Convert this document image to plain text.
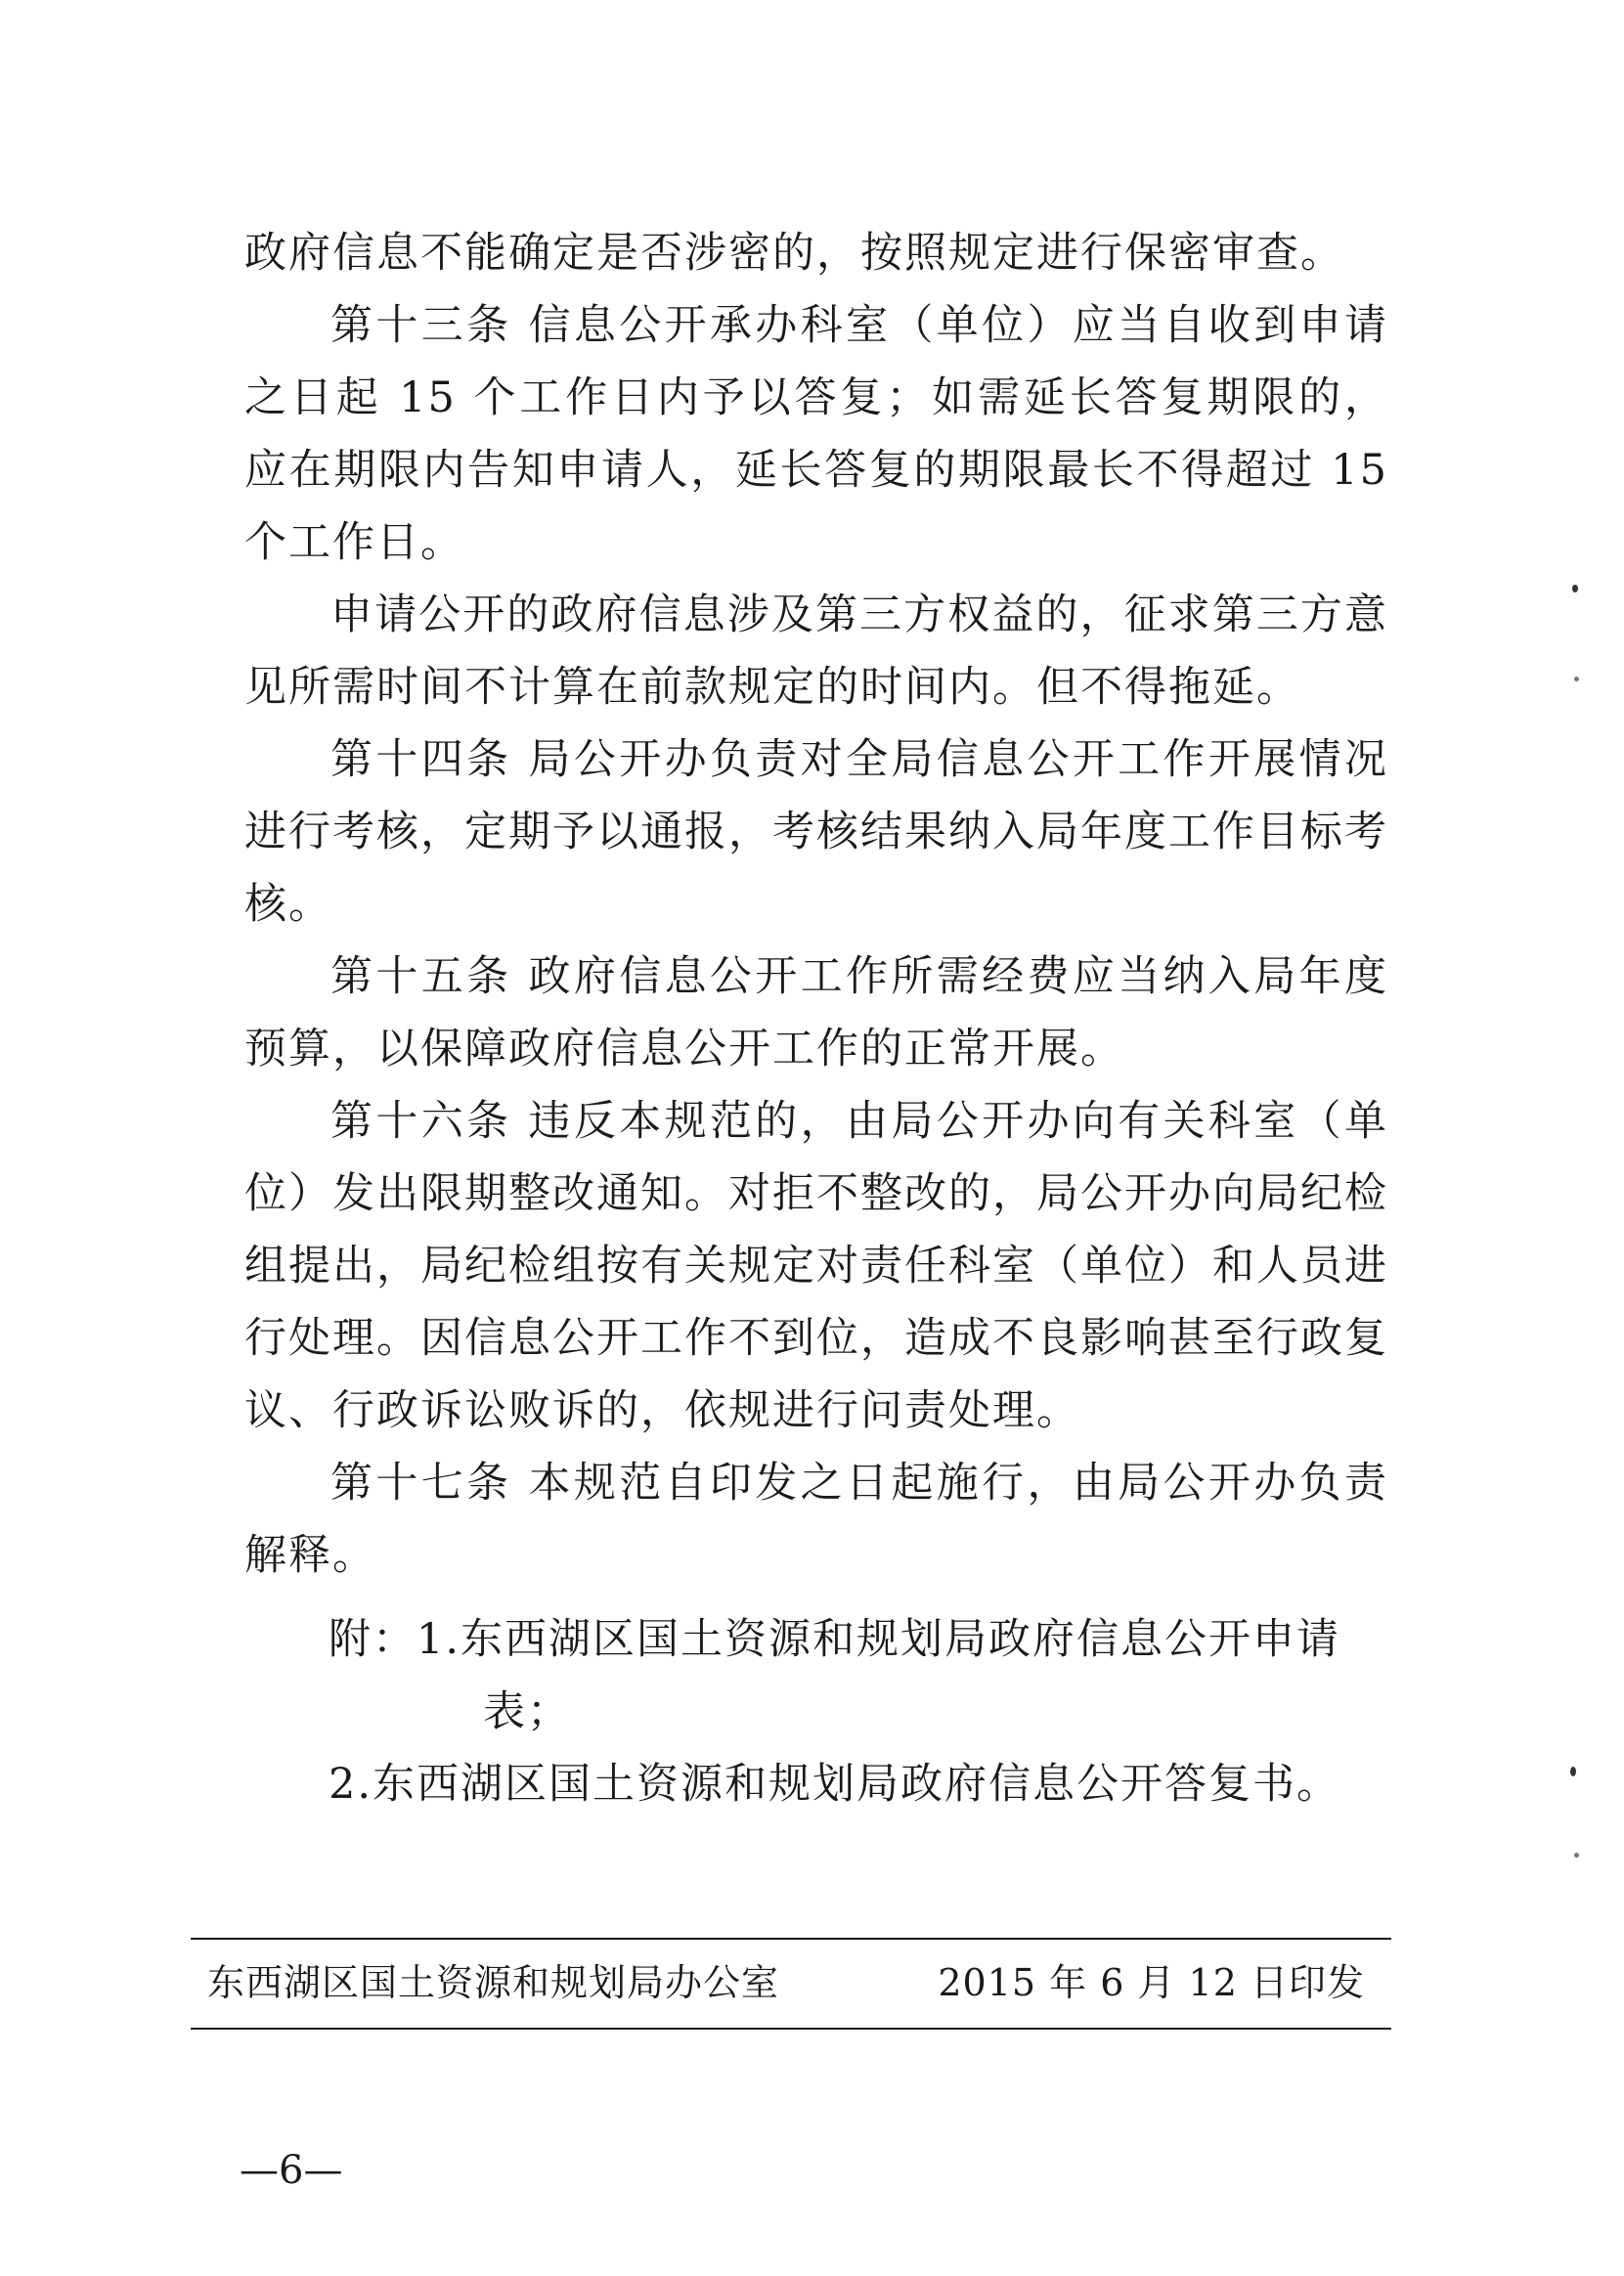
政府信息不能确定是否涉密的，按照规定进行保密审查。

第十三条 信息公开承办科室（单位）应当自收到申请之日起 15 个工作日内予以答复；如需延长答复期限的，应在期限内告知申请人，延长答复的期限最长不得超过 15 个工作日。

申请公开的政府信息涉及第三方权益的，征求第三方意见所需时间不计算在前款规定的时间内。但不得拖延。

第十四条 局公开办负责对全局信息公开工作开展情况进行考核，定期予以通报，考核结果纳入局年度工作目标考核。

第十五条 政府信息公开工作所需经费应当纳入局年度预算，以保障政府信息公开工作的正常开展。

第十六条 违反本规范的，由局公开办向有关科室（单位）发出限期整改通知。对拒不整改的，局公开办向局纪检组提出，局纪检组按有关规定对责任科室（单位）和人员进行处理。因信息公开工作不到位，造成不良影响甚至行政复议、行政诉讼败诉的，依规进行问责处理。

第十七条 本规范自印发之日起施行，由局公开办负责解释。

附： 1.东西湖区国土资源和规划局政府信息公开申请

表；

2.东西湖区国土资源和规划局政府信息公开答复书。

东西湖区国土资源和规划局办公室	2015 年 6 月 12 日印发
—6—
